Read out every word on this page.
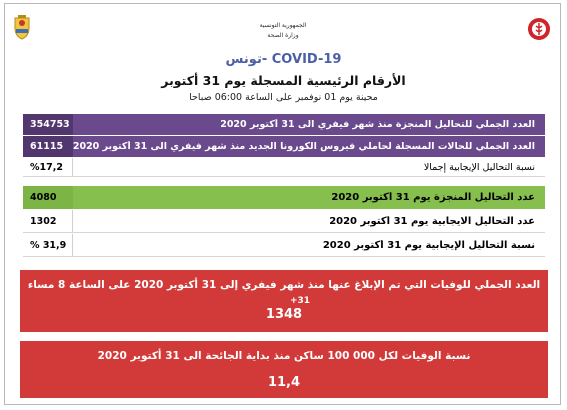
الجمهورية التونسية
وزارة الصحة
COVID-19 -تونس
الأرقام الرئيسية المسجلة يوم 31 أكتوبر
محينة يوم 01 نوفمبر على الساعة 06:00 صباحا
354753	العدد الجملي للتحاليل المنجزة منذ شهر فيفري الى 31 أكتوبر 2020
61115	العدد الجملي للحالات المسجلة لحاملي فيروس الكورونا الجديد منذ شهر فيفري الى 31 أكتوبر 2020
%17,2	نسبة التحاليل الإيجابية إجمالا
4080	عدد التحاليل المنجزة يوم 31 أكتوبر 2020
1302	عدد التحاليل الايجابية يوم 31 أكتوبر 2020
% 31,9	نسبة التحاليل الإيجابية يوم 31 أكتوبر 2020
العدد الجملي للوفيات التي تم الإبلاغ عنها منذ شهر فيفري إلى 31 أكتوبر 2020 على الساعة 8 مساء
+31
1348
نسبة الوفيات لكل 000 100 ساكن منذ بداية الجائحة الى 31 أكتوبر 2020
11,4
